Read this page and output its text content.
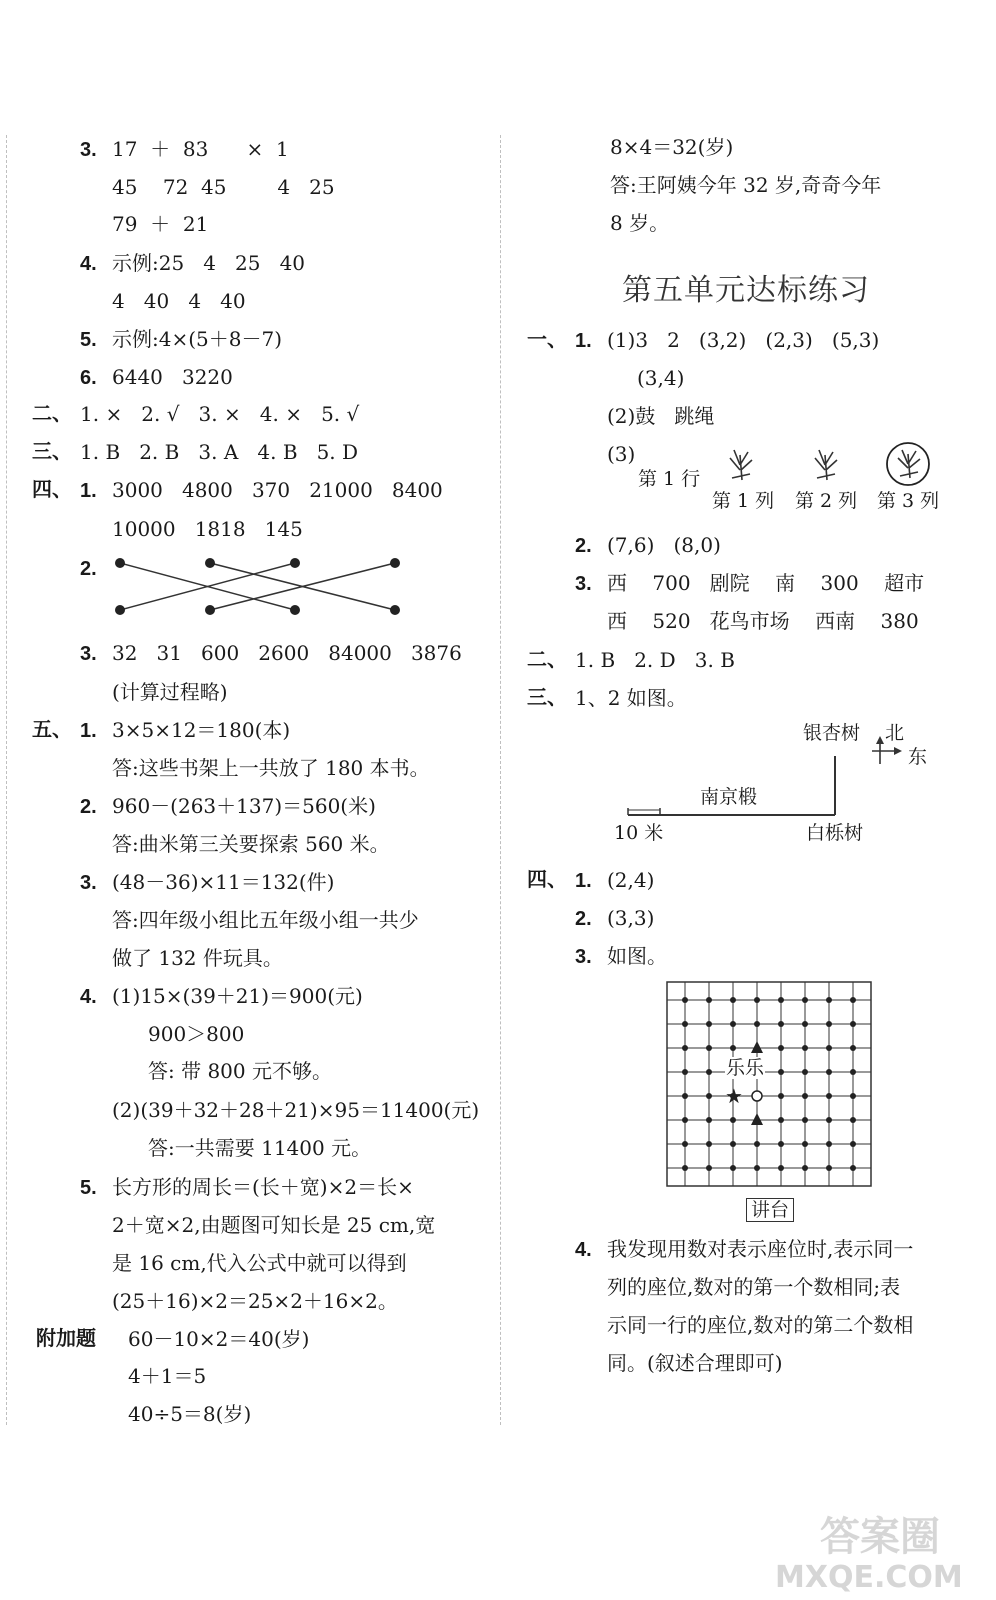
3. 17  ＋  83      ×  1
45    72  45        4   25
79  ＋  21
4. 示例:25   4   25   40
4   40   4   40
5. 示例:4×(5＋8－7)
6. 6440   3220
二、 1. ×   2. √   3. ×   4. ×   5. √
三、 1. B   2. B   3. A   4. B   5. D
四、 1. 3000   4800   370   21000   8400
10000   1818   145
2.
3. 32   31   600   2600   84000   3876
(计算过程略)
五、 1. 3×5×12＝180(本)
答:这些书架上一共放了 180 本书。
2. 960－(263＋137)＝560(米)
答:曲米第三关要探索 560 米。
3. (48－36)×11＝132(件)
答:四年级小组比五年级小组一共少
做了 132 件玩具。
4. (1)15×(39＋21)＝900(元)
900＞800
答: 带 800 元不够。
(2)(39＋32＋28＋21)×95＝11400(元)
答:一共需要 11400 元。
5. 长方形的周长＝(长＋宽)×2＝长×
2＋宽×2,由题图可知长是 25 cm,宽
是 16 cm,代入公式中就可以得到
(25＋16)×2＝25×2＋16×2。
附加题 60－10×2＝40(岁)
4＋1＝5
40÷5＝8(岁)
8×4＝32(岁)
答:王阿姨今年 32 岁,奇奇今年
8 岁。
一、 1. (1)3   2   (3,2)   (2,3)   (5,3)
(3,4)
(2)鼓   跳绳
(3)
2. (7,6)   (8,0)
3. 西    700   剧院    南    300    超市
西    520   花鸟市场    西南    380
二、 1. B   2. D   3. B
三、 1、2 如图。
四、 1. (2,4)
2. (3,3)
3. 如图。
4. 我发现用数对表示座位时,表示同一
列的座位,数对的第一个数相同;表
示同一行的座位,数对的第二个数相
同。(叙述合理即可)
第五单元达标练习
第 1 行
第 1 列 第 2 列 第 3 列
银杏树 北
东
南京椴
10 米	白栎树
★
乐乐
讲台
答案圈
MXQE.COM
